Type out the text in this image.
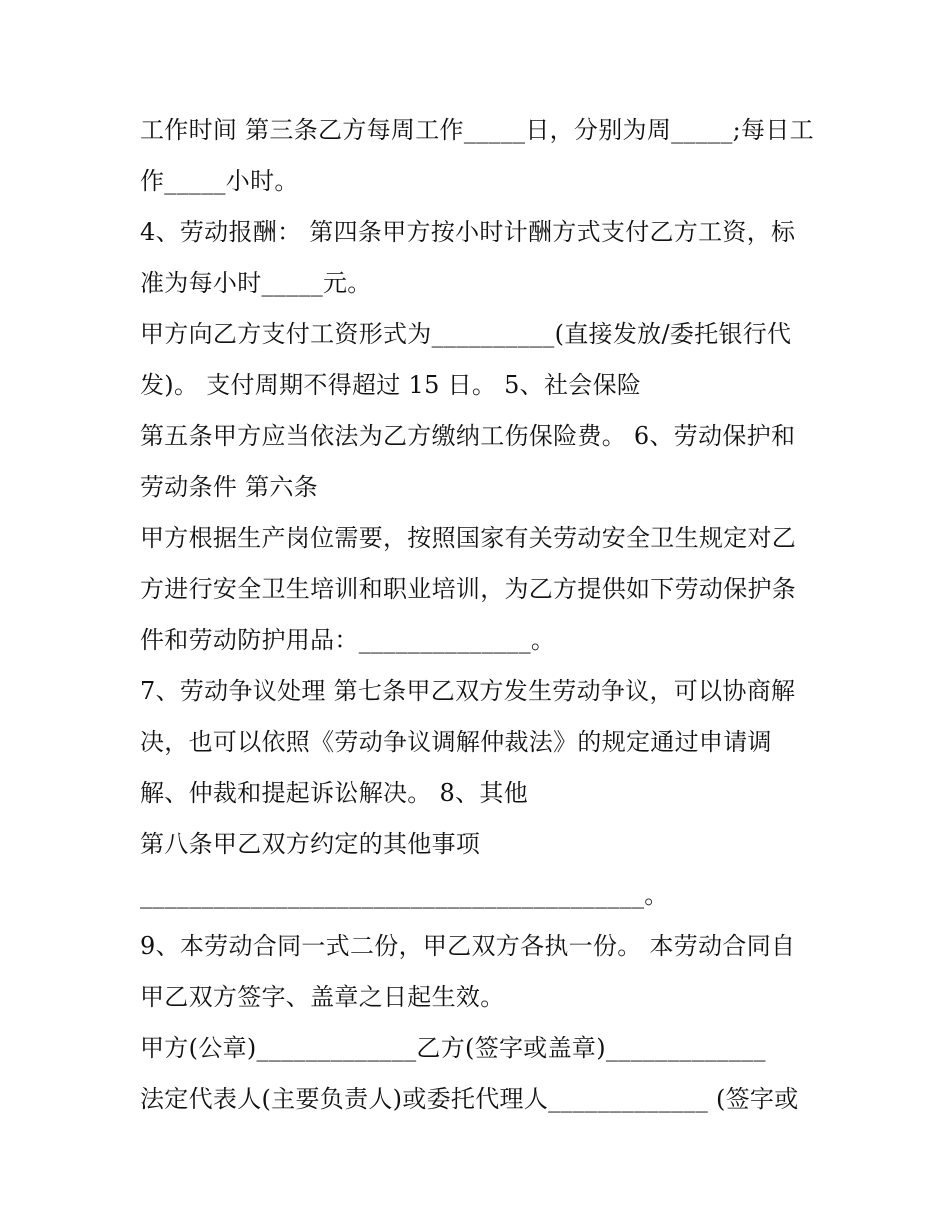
工作时间 第三条乙方每周工作_____日，分别为周_____;每日工
作_____小时。
4、劳动报酬： 第四条甲方按小时计酬方式支付乙方工资，标
准为每小时_____元。
甲方向乙方支付工资形式为__________(直接发放/委托银行代
发)。 支付周期不得超过 15 日。 5、社会保险
第五条甲方应当依法为乙方缴纳工伤保险费。 6、劳动保护和
劳动条件 第六条
甲方根据生产岗位需要，按照国家有关劳动安全卫生规定对乙
方进行安全卫生培训和职业培训，为乙方提供如下劳动保护条
件和劳动防护用品：______________。
7、劳动争议处理 第七条甲乙双方发生劳动争议，可以协商解
决，也可以依照《劳动争议调解仲裁法》的规定通过申请调
解、仲裁和提起诉讼解决。 8、其他
第八条甲乙双方约定的其他事项
_________________________________________。
9、本劳动合同一式二份，甲乙双方各执一份。 本劳动合同自
甲乙双方签字、盖章之日起生效。
甲方(公章)_____________乙方(签字或盖章)_____________
法定代表人(主要负责人)或委托代理人_____________ (签字或
